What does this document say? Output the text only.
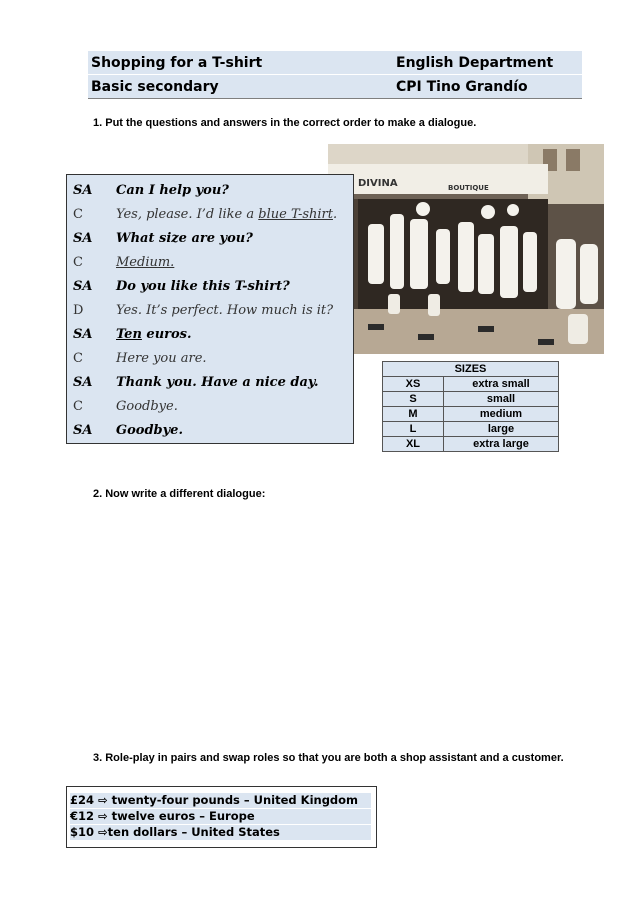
Shopping for a T-shirt	English Department
Basic secondary	CPI Tino Grandío
1. Put the questions and answers in the correct order to make a dialogue.
DIVINA	BOUTIQUE
SA	Can I help you?
C	Yes, please. I’d like a blue T-shirt.
SA	What size are you?
C	Medium.
SA	Do you like this T-shirt?
D	Yes. It’s perfect. How much is it?
SA	Ten euros.
C	Here you are.
SA	Thank you. Have a nice day.
C	Goodbye.
SA	Goodbye.
SIZES	
XS	extra small
S	small
M	medium
L	large
XL	extra large
2. Now write a different dialogue:
3. Role-play in pairs and swap roles so that you are both a shop assistant and a customer.
£24 ⇨ twenty-four pounds – United Kingdom
€12 ⇨ twelve euros – Europe
$10 ⇨ten dollars – United States
